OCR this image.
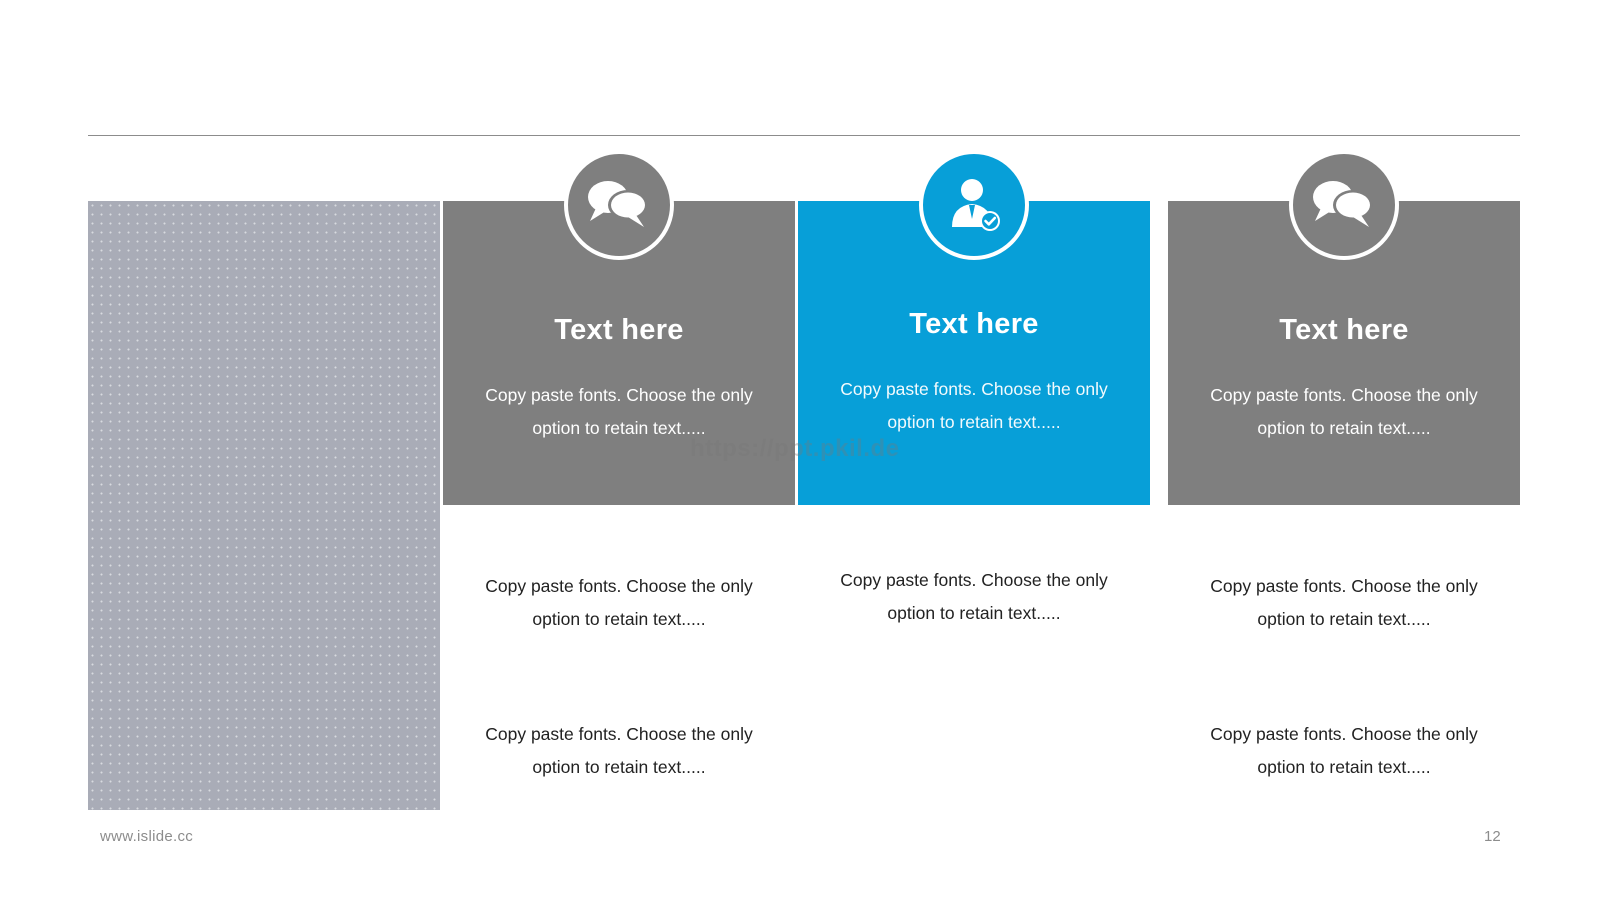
Text here
Copy paste fonts. Choose the only option to retain text.....
Text here
Copy paste fonts. Choose the only option to retain text.....
Text here
Copy paste fonts. Choose the only option to retain text.....
Copy paste fonts. Choose the only option to retain text.....
Copy paste fonts. Choose the only option to retain text.....
Copy paste fonts. Choose the only option to retain text.....
Copy paste fonts. Choose the only option to retain text.....
Copy paste fonts. Choose the only option to retain text.....
https://ppt.pkil.de
www.islide.cc	12
